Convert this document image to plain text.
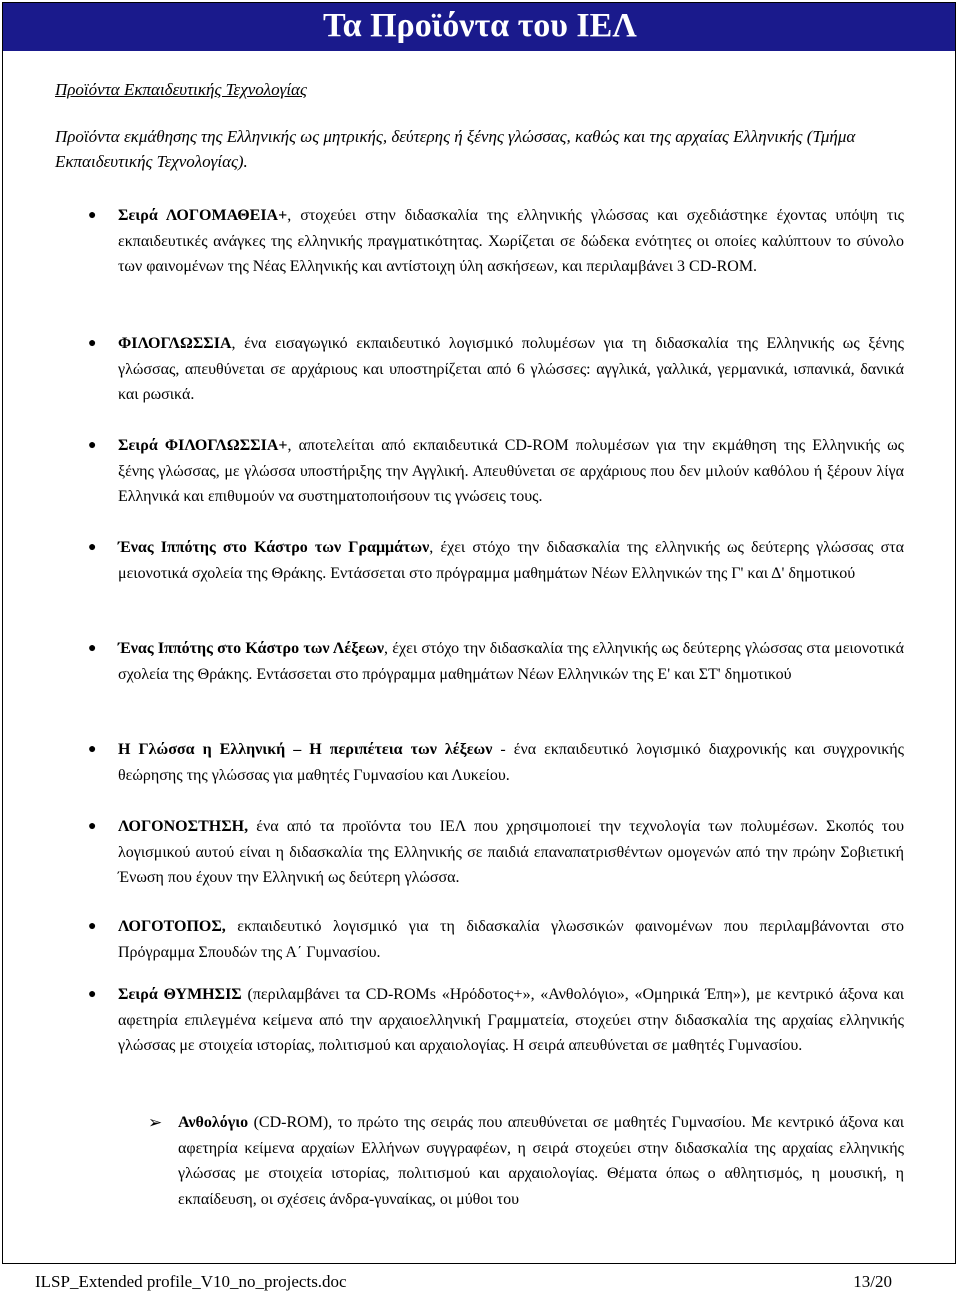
Τα Προϊόντα του ΙΕΛ
Προϊόντα Εκπαιδευτικής Τεχνολογίας
Προϊόντα εκμάθησης της Ελληνικής ως μητρικής, δεύτερης ή ξένης γλώσσας, καθώς και της αρχαίας Ελληνικής (Τμήμα Εκπαιδευτικής Τεχνολογίας).
● Σειρά ΛΟΓΟΜΑΘΕΙΑ+, στοχεύει στην διδασκαλία της ελληνικής γλώσσας και σχεδιάστηκε έχοντας υπόψη τις εκπαιδευτικές ανάγκες της ελληνικής πραγματικότητας. Χωρίζεται σε δώδεκα ενότητες οι οποίες καλύπτουν το σύνολο των φαινομένων της Νέας Ελληνικής και αντίστοιχη ύλη ασκήσεων, και περιλαμβάνει 3 CD-ROM.
● ΦΙΛΟΓΛΩΣΣΙΑ, ένα εισαγωγικό εκπαιδευτικό λογισμικό πολυμέσων για τη διδασκαλία της Ελληνικής ως ξένης γλώσσας, απευθύνεται σε αρχάριους και υποστηρίζεται από 6 γλώσσες: αγγλικά, γαλλικά, γερμανικά, ισπανικά, δανικά και ρωσικά.
● Σειρά ΦΙΛΟΓΛΩΣΣΙΑ+, αποτελείται από εκπαιδευτικά CD-ROM πολυμέσων για την εκμάθηση της Ελληνικής ως ξένης γλώσσας, με γλώσσα υποστήριξης την Αγγλική. Απευθύνεται σε αρχάριους που δεν μιλούν καθόλου ή ξέρουν λίγα Ελληνικά και επιθυμούν να συστηματοποιήσουν τις γνώσεις τους.
● Ένας Ιππότης στο Κάστρο των Γραμμάτων, έχει στόχο την διδασκαλία της ελληνικής ως δεύτερης γλώσσας στα μειονοτικά σχολεία της Θράκης. Εντάσσεται στο πρόγραμμα μαθημάτων Νέων Ελληνικών της Γ' και Δ' δημοτικού
● Ένας Ιππότης στο Κάστρο των Λέξεων, έχει στόχο την διδασκαλία της ελληνικής ως δεύτερης γλώσσας στα μειονοτικά σχολεία της Θράκης. Εντάσσεται στο πρόγραμμα μαθημάτων Νέων Ελληνικών της Ε' και ΣΤ' δημοτικού
● Η Γλώσσα η Ελληνική – Η περιπέτεια των λέξεων - ένα εκπαιδευτικό λογισμικό διαχρονικής και συγχρονικής θεώρησης της γλώσσας για μαθητές Γυμνασίου και Λυκείου.
● ΛΟΓΟΝΟΣΤΗΣΗ, ένα από τα προϊόντα του ΙΕΛ που χρησιμοποιεί την τεχνολογία των πολυμέσων. Σκοπός του λογισμικού αυτού είναι η διδασκαλία της Ελληνικής σε παιδιά επαναπατρισθέντων ομογενών από την πρώην Σοβιετική Ένωση που έχουν την Ελληνική ως δεύτερη γλώσσα.
● ΛΟΓΟΤΟΠΟΣ, εκπαιδευτικό λογισμικό για τη διδασκαλία γλωσσικών φαινομένων που περιλαμβάνονται στο Πρόγραμμα Σπουδών της Α΄ Γυμνασίου.
● Σειρά ΘΥΜΗΣΙΣ (περιλαμβάνει τα CD-ROMs «Ηρόδοτος+», «Ανθολόγιο», «Ομηρικά Έπη»), με κεντρικό άξονα και αφετηρία επιλεγμένα κείμενα από την αρχαιοελληνική Γραμματεία, στοχεύει στην διδασκαλία της αρχαίας ελληνικής γλώσσας με στοιχεία ιστορίας, πολιτισμού και αρχαιολογίας. Η σειρά απευθύνεται σε μαθητές Γυμνασίου.
➢ Ανθολόγιο (CD-ROM), το πρώτο της σειράς που απευθύνεται σε μαθητές Γυμνασίου. Με κεντρικό άξονα και αφετηρία κείμενα αρχαίων Ελλήνων συγγραφέων, η σειρά στοχεύει στην διδασκαλία της αρχαίας ελληνικής γλώσσας με στοιχεία ιστορίας, πολιτισμού και αρχαιολογίας. Θέματα όπως ο αθλητισμός, η μουσική, η εκπαίδευση, οι σχέσεις άνδρα-γυναίκας, οι μύθοι του
ILSP_Extended profile_V10_no_projects.doc	13/20
